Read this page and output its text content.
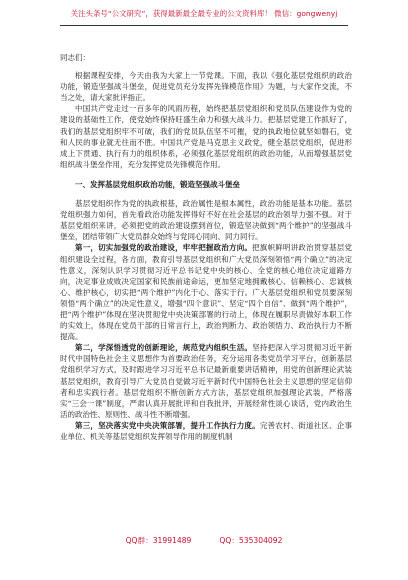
关注头条号“公文研究”，获得最新最全最专业的公文资料库！ 微信：gongwenyj

同志们：

根据课程安排，今天由我为大家上一节党课。下面，我以《强化基层党组织的政治功能，锻造坚强战斗堡垒，促进党员充分发挥先锋模范作用》为题，与大家作交流，不当之处，请大家批评指正。

中国共产党走过一百多年的风雨历程，始终把基层党组织和党员队伍建设作为党的建设的基础性工作，使党始终保持旺盛生命力和强大战斗力。把基层党建工作抓好了，我们的基层党组织牢不可破，我们的党员队伍坚不可摧，党的执政地位就坚如磐石，党和人民的事业就无往而不胜。中国共产党是马克思主义政党，健全基层党组织，促进形成上下贯通、执行有力的组织体系，必须强化基层党组织的政治功能，从而增强基层党组织战斗堡垒作用，充分发挥党员先锋模范作用。

一、发挥基层党组织政治功能，锻造坚强战斗堡垒

基层党组织作为党的执政根基，政治属性是根本属性，政治功能是基本功能。基层党组织强力如何，首先看政治功能发挥得好不好在社会基层的政治领导力强不强。对于基层党组织来讲，必须把党的政治建设摆到首位，锻造坚决做到“两个维护”的坚强战斗堡垒，团结带领广大党员群众始终与党同心同向、同力同行。

第一，切实加强党的政治建设，牢牢把握政治方向。把旗帜鲜明讲政治贯穿基层党组织建设全过程，各方面，教育引导基层党组织和广大党员深刻领悟“两个确立”的决定性意义，深刻认识学习贯彻习近平总书记党中央的核心、全党的核心地位决定道路方向，决定事业成败决定国家和民族前途命运，更加坚定地拥戴核心、信赖核心、忠诚核心、维护核心，切实把“两个维护”内化于心、落实于行。广大基层党组织和党员要深刻领悟“两个确立”的决定性意义，增强“四个意识”、坚定“四个自信”、做到“两个维护”，把“两个维护”体现在坚决贯彻党中央决策部署的行动上，体现在履职尽责做好本职工作的实效上，体现在党员干部的日常言行上，政治判断力、政治领悟力、政治执行力不断提高。

第二，学深悟透党的创新理论，规范党内组织生活。坚持把深入学习贯彻习近平新时代中国特色社会主义思想作为首要政治任务，充分运用各类党员学习平台，创新基层党组织学习方式，及时跟进学习习近平总书记最新重要讲话精神，用党的创新理论武装基层党组织，教育引导广大党员自觉做习近平新时代中国特色社会主义思想的坚定信仰者和忠实践行者。基层党组织不断创新方式方法，基层党组织加强理论武装，严格落实“三会一课”制度，严肃认真开展批评和自我批评，开展经常性谈心谈话，党内政治生活的政治性、原则性、战斗性不断增强。

第三，坚决落实党中央决策部署，提升工作执行力度。完善农村、街道社区、企事业单位、机关等基层党组织发挥领导作用的制度机制

QQ群：31991489	QQ：535304092
